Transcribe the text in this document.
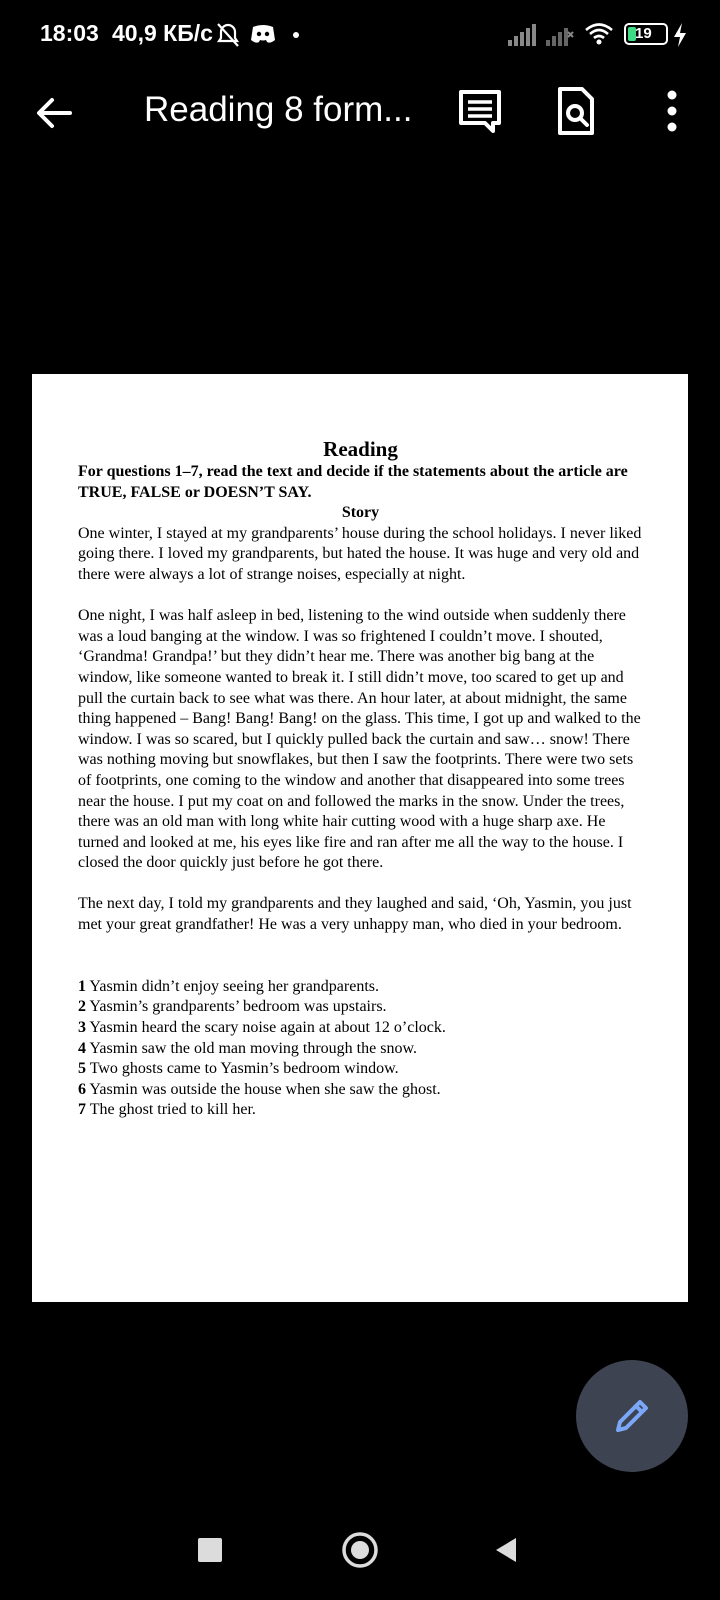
18:03 40,9 КБ/с	19
Reading 8 form...

Reading

For questions 1–7, read the text and decide if the statements about the article are TRUE, FALSE or DOESN’T SAY.

Story

One winter, I stayed at my grandparents’ house during the school holidays. I never liked going there. I loved my grandparents, but hated the house. It was huge and very old and there were always a lot of strange noises, especially at night.

One night, I was half asleep in bed, listening to the wind outside when suddenly there was a loud banging at the window. I was so frightened I couldn’t move. I shouted, ‘Grandma! Grandpa!’ but they didn’t hear me. There was another big bang at the window, like someone wanted to break it. I still didn’t move, too scared to get up and pull the curtain back to see what was there. An hour later, at about midnight, the same thing happened – Bang! Bang! Bang! on the glass. This time, I got up and walked to the window. I was so scared, but I quickly pulled back the curtain and saw… snow! There was nothing moving but snowflakes, but then I saw the footprints. There were two sets of footprints, one coming to the window and another that disappeared into some trees near the house. I put my coat on and followed the marks in the snow. Under the trees, there was an old man with long white hair cutting wood with a huge sharp axe. He turned and looked at me, his eyes like fire and ran after me all the way to the house. I closed the door quickly just before he got there.

The next day, I told my grandparents and they laughed and said, ‘Oh, Yasmin, you just met your great grandfather! He was a very unhappy man, who died in your bedroom.

1 Yasmin didn’t enjoy seeing her grandparents.
2 Yasmin’s grandparents’ bedroom was upstairs.
3 Yasmin heard the scary noise again at about 12 o’clock.
4 Yasmin saw the old man moving through the snow.
5 Two ghosts came to Yasmin’s bedroom window.
6 Yasmin was outside the house when she saw the ghost.
7 The ghost tried to kill her.
